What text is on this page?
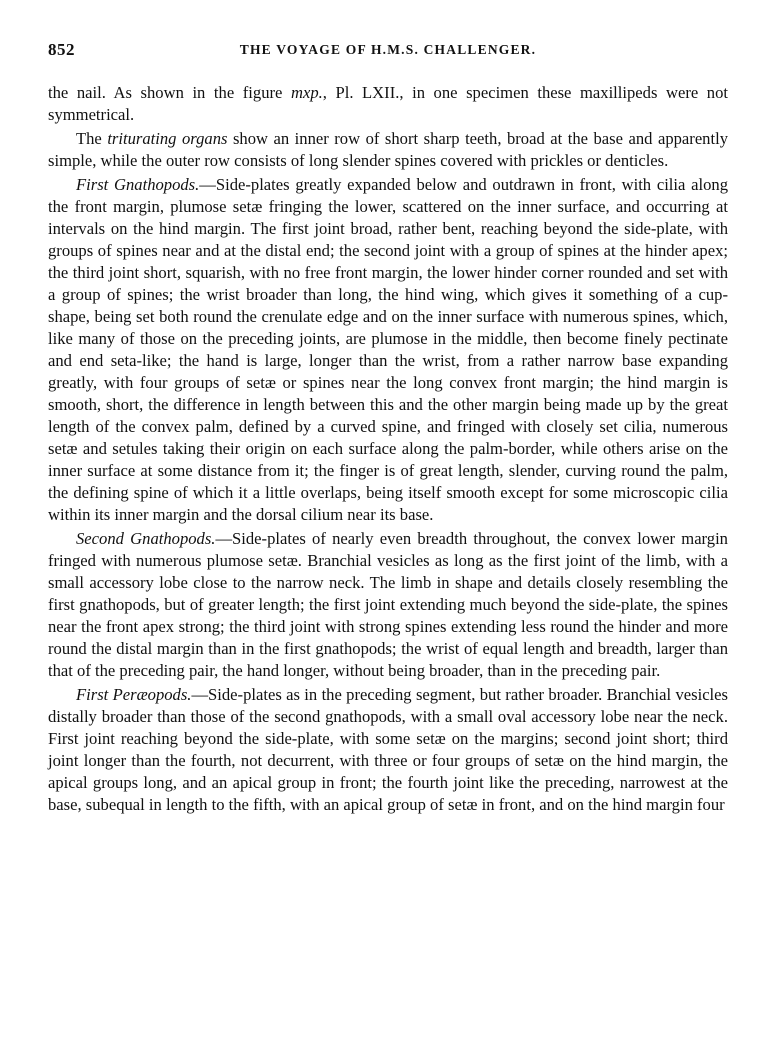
852	THE VOYAGE OF H.M.S. CHALLENGER.

the nail. As shown in the figure mxp., Pl. LXII., in one specimen these maxillipeds were not symmetrical.

The triturating organs show an inner row of short sharp teeth, broad at the base and apparently simple, while the outer row consists of long slender spines covered with prickles or denticles.

First Gnathopods.—Side-plates greatly expanded below and outdrawn in front, with cilia along the front margin, plumose setæ fringing the lower, scattered on the inner surface, and occurring at intervals on the hind margin. The first joint broad, rather bent, reaching beyond the side-plate, with groups of spines near and at the distal end; the second joint with a group of spines at the hinder apex; the third joint short, squarish, with no free front margin, the lower hinder corner rounded and set with a group of spines; the wrist broader than long, the hind wing, which gives it something of a cup-shape, being set both round the crenulate edge and on the inner surface with numerous spines, which, like many of those on the preceding joints, are plumose in the middle, then become finely pectinate and end seta-like; the hand is large, longer than the wrist, from a rather narrow base expanding greatly, with four groups of setæ or spines near the long convex front margin; the hind margin is smooth, short, the difference in length between this and the other margin being made up by the great length of the convex palm, defined by a curved spine, and fringed with closely set cilia, numerous setæ and setules taking their origin on each surface along the palm-border, while others arise on the inner surface at some distance from it; the finger is of great length, slender, curving round the palm, the defining spine of which it a little overlaps, being itself smooth except for some microscopic cilia within its inner margin and the dorsal cilium near its base.

Second Gnathopods.—Side-plates of nearly even breadth throughout, the convex lower margin fringed with numerous plumose setæ. Branchial vesicles as long as the first joint of the limb, with a small accessory lobe close to the narrow neck. The limb in shape and details closely resembling the first gnathopods, but of greater length; the first joint extending much beyond the side-plate, the spines near the front apex strong; the third joint with strong spines extending less round the hinder and more round the distal margin than in the first gnathopods; the wrist of equal length and breadth, larger than that of the preceding pair, the hand longer, without being broader, than in the preceding pair.

First Peræopods.—Side-plates as in the preceding segment, but rather broader. Branchial vesicles distally broader than those of the second gnathopods, with a small oval accessory lobe near the neck. First joint reaching beyond the side-plate, with some setæ on the margins; second joint short; third joint longer than the fourth, not decurrent, with three or four groups of setæ on the hind margin, the apical groups long, and an apical group in front; the fourth joint like the preceding, narrowest at the base, subequal in length to the fifth, with an apical group of setæ in front, and on the hind margin four
